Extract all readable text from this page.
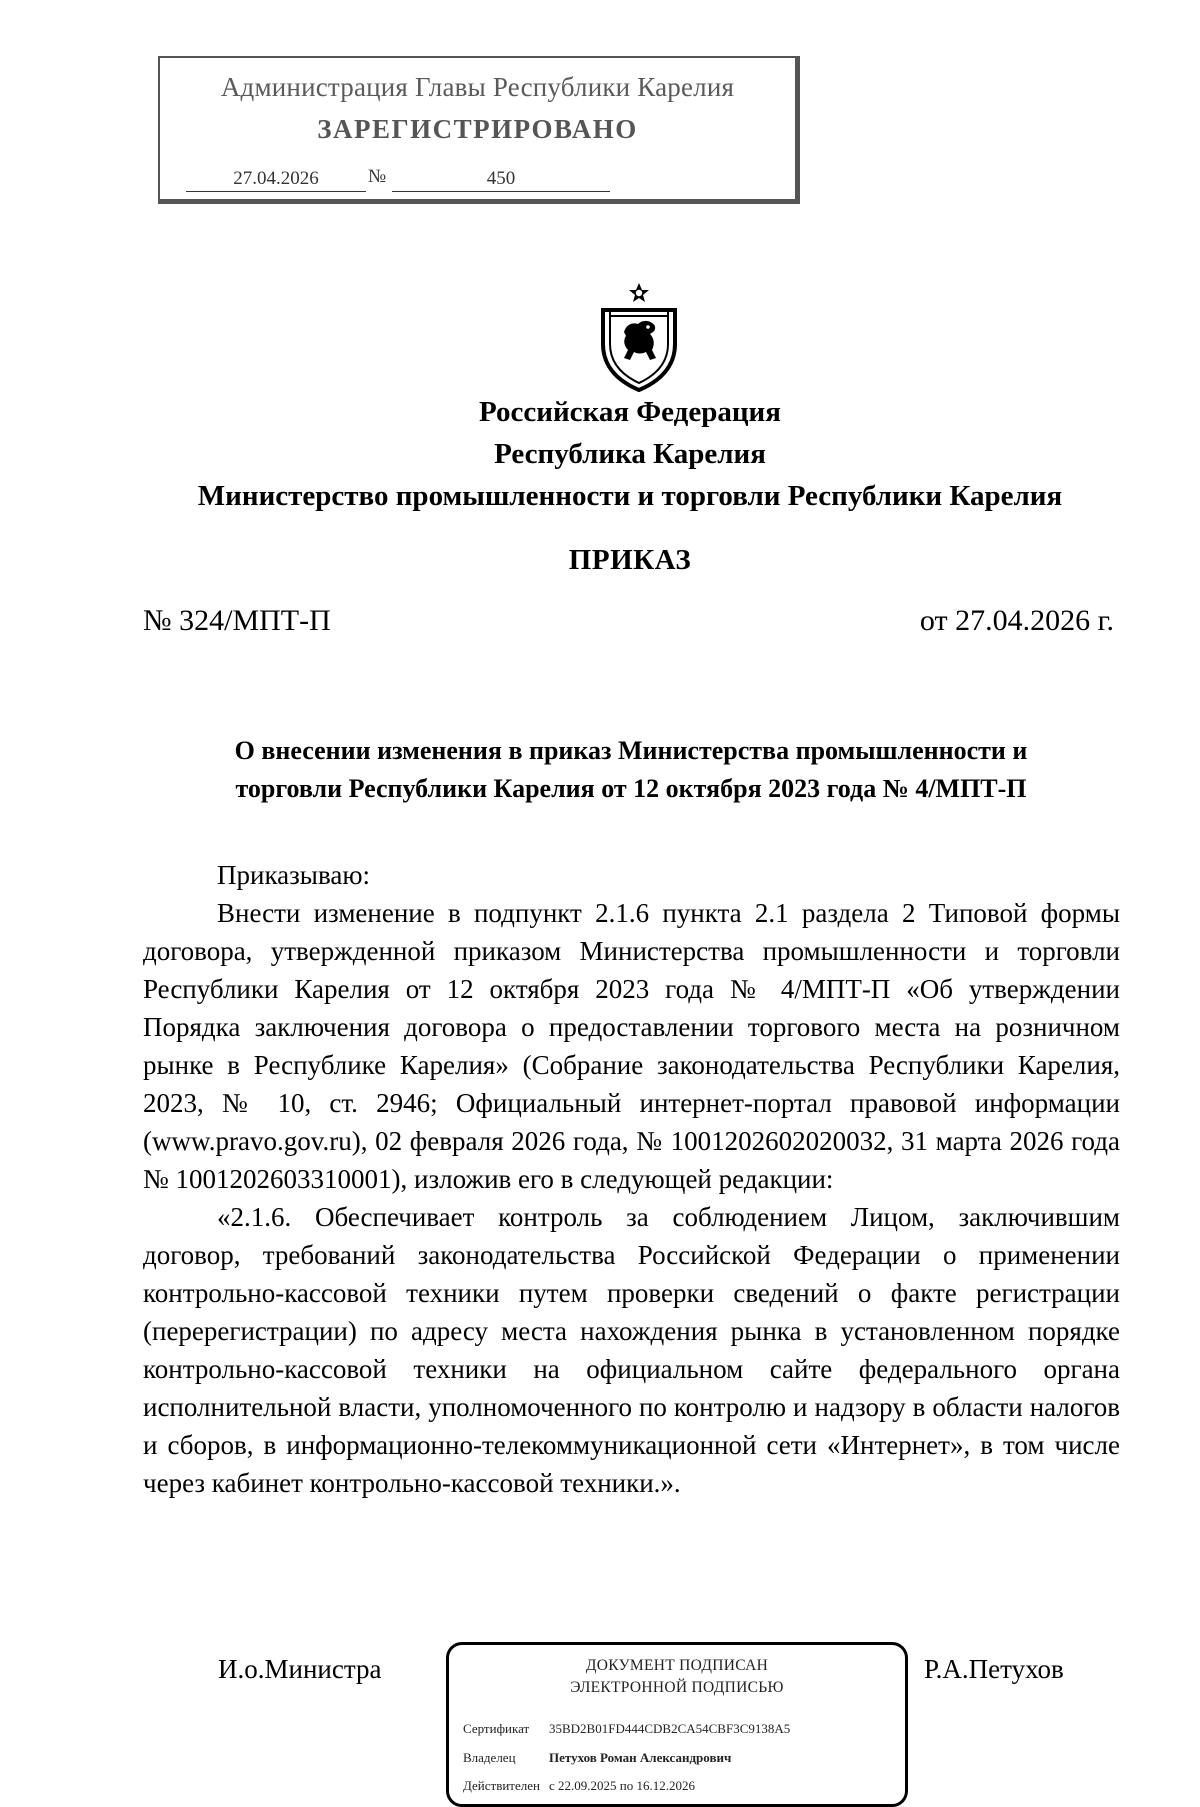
Администрация Главы Республики Карелия
ЗАРЕГИСТРИРОВАНО
27.04.2026	№	450
Российская Федерация
Республика Карелия
Министерство промышленности и торговли Республики Карелия
ПРИКАЗ
№ 324/МПТ-П	от 27.04.2026 г.
О внесении изменения в приказ Министерства промышленности и
торговли Республики Карелия от 12 октября 2023 года № 4/МПТ-П

Приказываю:

Внести изменение в подпункт 2.1.6 пункта 2.1 раздела 2 Типовой формы договора, утвержденной приказом Министерства промышленности и торговли Республики Карелия от 12 октября 2023 года № 4/МПТ-П «Об утверждении Порядка заключения договора о предоставлении торгового места на розничном рынке в Республике Карелия» (Собрание законодательства Республики Карелия, 2023, № 10, ст. 2946; Официальный интернет-портал правовой информации (www.pravo.gov.ru), 02 февраля 2026 года, № 1001202602020032, 31 марта 2026 года № 1001202603310001), изложив его в следующей редакции:

«2.1.6. Обеспечивает контроль за соблюдением Лицом, заключившим договор, требований законодательства Российской Федерации о применении контрольно-кассовой техники путем проверки сведений о факте регистрации (перерегистрации) по адресу места нахождения рынка в установленном порядке контрольно-кассовой техники на официальном сайте федерального органа исполнительной власти, уполномоченного по контролю и надзору в области налогов и сборов, в информационно-телекоммуникационной сети «Интернет», в том числе через кабинет контрольно-кассовой техники.».

И.о.Министра	Р.А.Петухов
ДОКУМЕНТ ПОДПИСАН
ЭЛЕКТРОННОЙ ПОДПИСЬЮ
Сертификат 35BD2B01FD444CDB2CA54CBF3C9138A5
Владелец	Петухов Роман Александрович
Действителен с 22.09.2025 по 16.12.2026
